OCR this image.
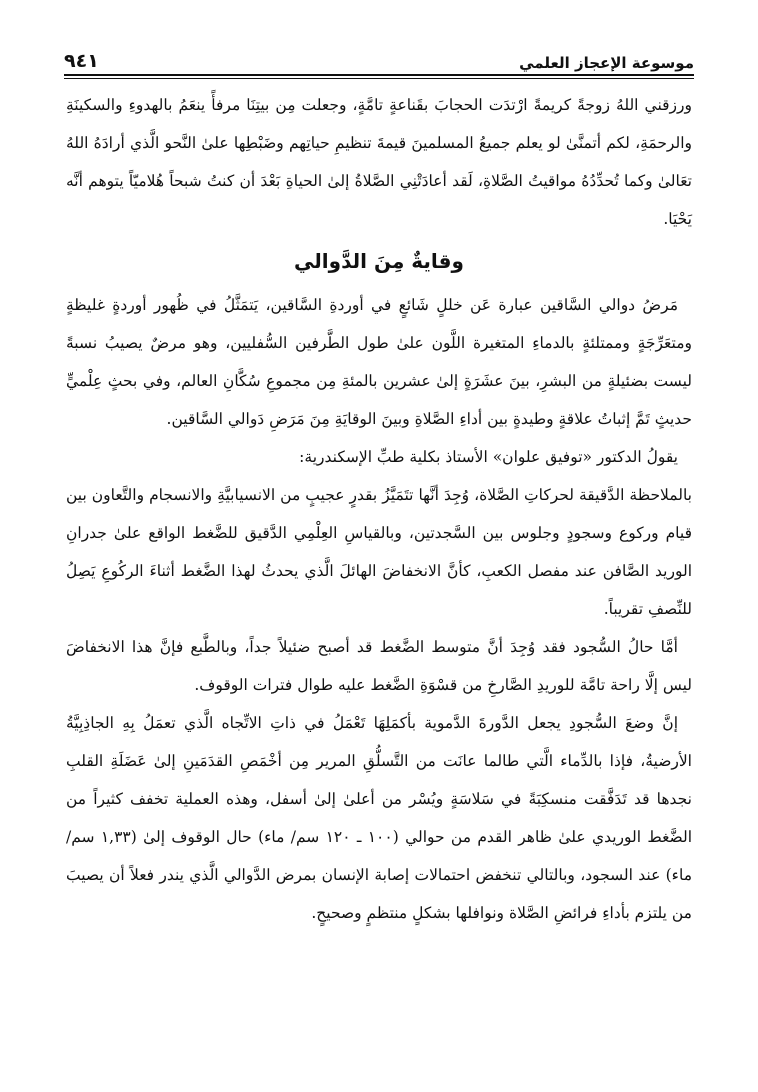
موسوعة الإعجاز العلمي
٩٤١

ورزقني اللهُ زوجةً كريمةً ارْتدَت الحجابَ بقَناعةٍ تامَّةٍ، وجعلت مِن بيتِنَا مرفأً ينعَمُ بالهدوءِ والسكينَةِ والرحمَةِ، لكم أتمنَّىٰ لو يعلم جميعُ المسلمينَ قيمةَ تنظيمِ حياتِهم وضَبْطِها علىٰ النَّحو الَّذي أرادَهُ اللهُ تعَالىٰ وكما تُحدِّدُهُ مواقيتُ الصَّلاةِ، لَقد أعادَتْنِي الصَّلاةُ إلىٰ الحياةِ بَعْدَ أن كنتُ شبحاً هُلاميّاً يتوهم أنَّه يَحْيَا.

وقايةٌ مِنَ الدَّوالي

مَرضُ دوالي السَّاقين عبارة عَن خللٍ شَائعٍ في أوردةِ السَّاقين، يَتمَثَّلُ في ظُهور أوردةٍ غليظةٍ ومتعَرِّجَةٍ وممتلئةٍ بالدماءِ المتغيرة اللَّون علىٰ طول الطَّرفين السُّفليين، وهو مرضٌ يصيبُ نسبةً ليست بضئيلةٍ من البشرِ، بينَ عشَرَةٍ إلىٰ عشرين بالمئةِ مِن مجموعِ سُكَّانِ العالم، وفي بحثٍ عِلْميٍّ حديثٍ تَمَّ إثباتُ علاقةٍ وطيدةٍ بين أداءِ الصَّلاةِ وبينَ الوقايَةِ مِنَ مَرَضِ دَوالي السَّاقين.

يقولُ الدكتور «توفيق علوان» الأستاذ بكلية طبِّ الإسكندرية:

بالملاحظة الدَّقيقة لحركاتِ الصَّلاة، وُجِدَ أنَّها تتَمَيَّزُ بقدرٍ عجيبٍ من الانسيابيَّةِ والانسجام والتَّعاون بين قيام وركوع وسجودٍ وجلوس بين السَّجدتين، وبالقياسِ العِلْمِي الدَّقيق للضَّغط الواقع علىٰ جدرانِ الوريد الصَّافن عند مفصل الكعبِ، كأنَّ الانخفاضَ الهائلَ الَّذي يحدثُ لهذا الضَّغط أثناءَ الركُوعِ يَصِلُ للنِّصفِ تقريباً.

أمَّا حالُ السُّجود فقد وُجِدَ أنَّ متوسط الضَّغط قد أصبح ضئيلاً جداً، وبالطَّبع فإنَّ هذا الانخفاضَ ليس إلَّا راحة تامَّة للوريدِ الصَّارخِ من قسْوَةِ الضَّغط عليه طوال فترات الوقوف.

إنَّ وضعَ السُّجودِ يجعل الدَّورةَ الدَّموية بأكمَلِهَا تَعْمَلُ في ذاتِ الاتِّجاه الَّذي تعمَلُ بِهِ الجاذِبِيَّةُ الأرضيةُ، فإذا بالدِّماء الَّتي طالما عانَت من التَّسلُّقِ المرير مِن أخْمَصِ القدَمَينِ إلىٰ عَضَلَةِ القلبِ نجدها قد تَدَفَّقت منسكِبَةً في سَلاسَةٍ ويُسْر من أعلىٰ إلىٰ أسفل، وهذه العملية تخفف كثيراً من الضَّغط الوريدي علىٰ ظاهر القدم من حوالي (١٠٠ ـ ١٢٠ سم/ ماء) حال الوقوف إلىٰ (١,٣٣ سم/ ماء) عند السجود، وبالتالي تنخفض احتمالات إصابة الإنسان بمرض الدَّوالي الَّذي يندر فعلاً أن يصيبَ من يلتزم بأداءِ فرائضِ الصَّلاة ونوافلها بشكلٍ منتظمٍ وصحيحٍ.
